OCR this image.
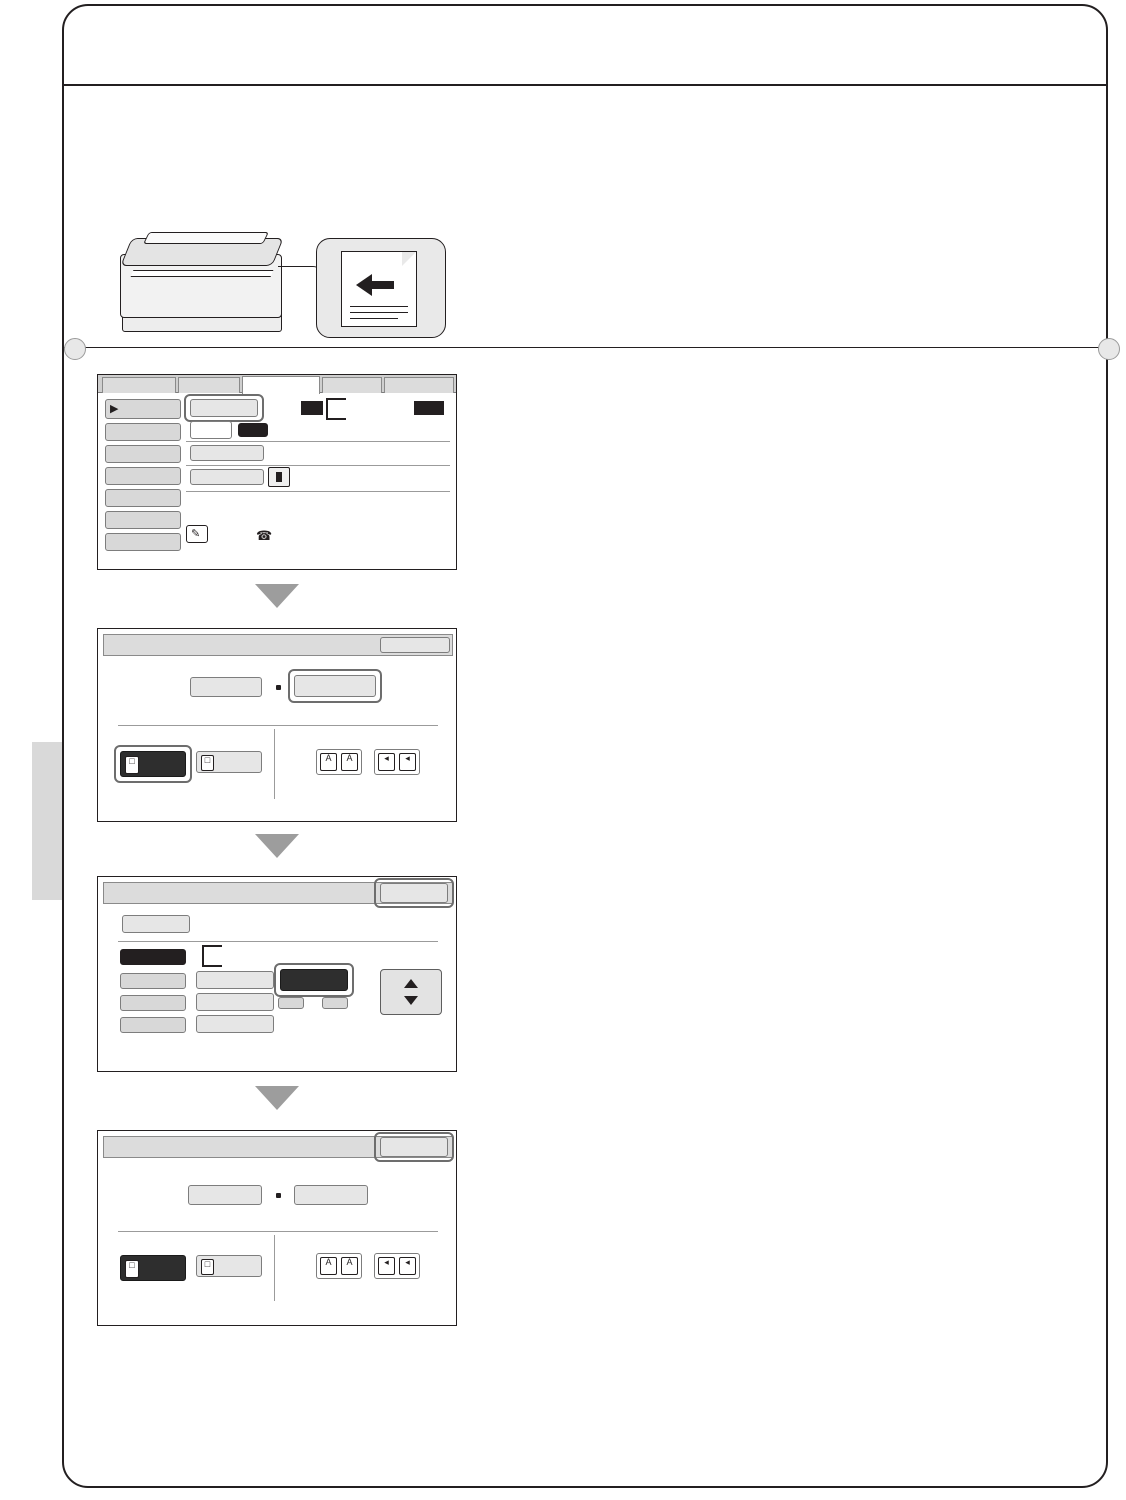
▶
✎	☎
□	□	A	A	◂	◂
□	□	A	A	◂	◂
